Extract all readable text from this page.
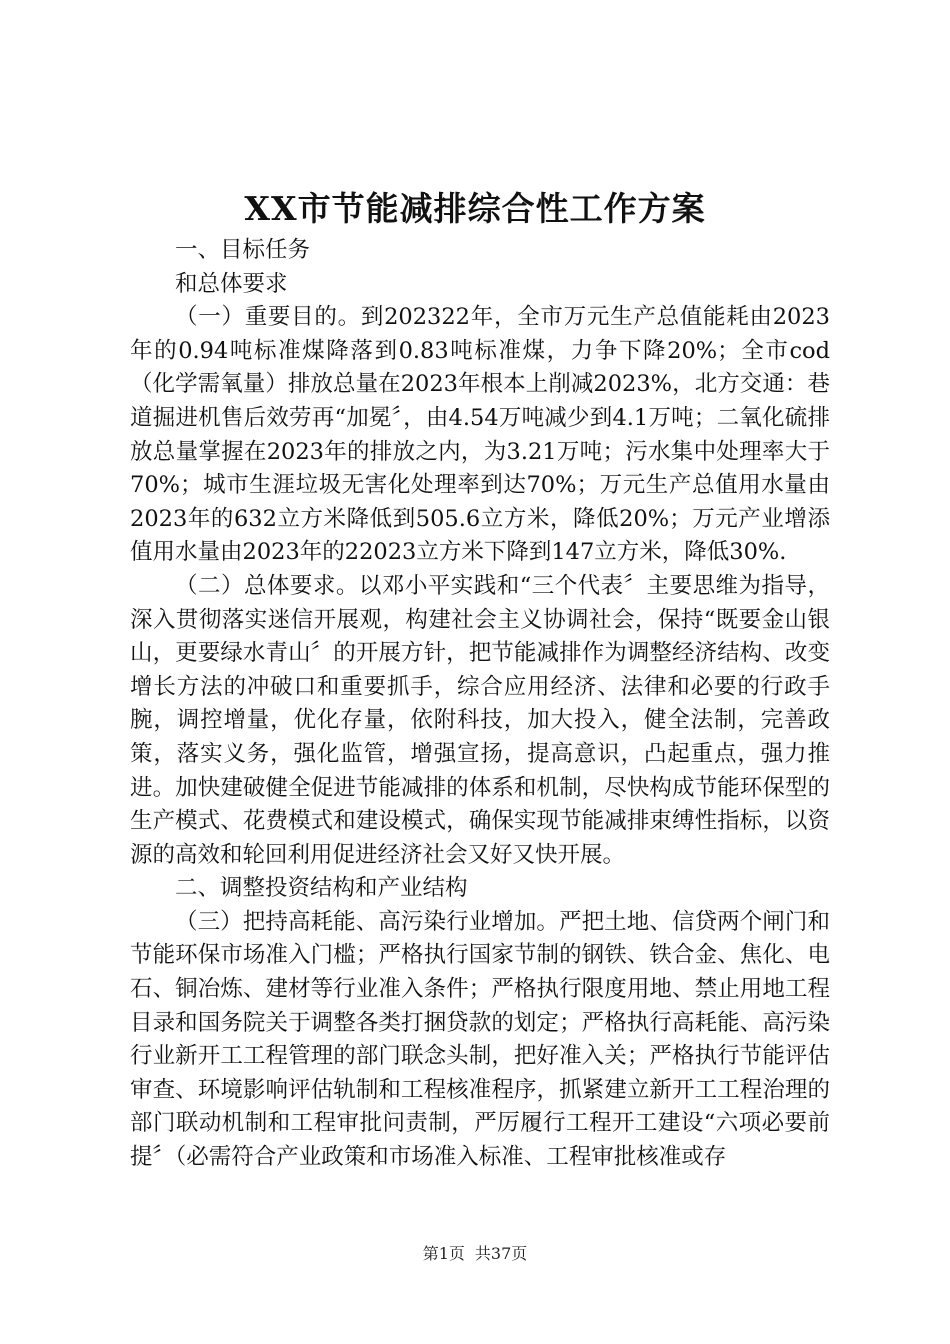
XX市节能减排综合性工作方案

一、目标任务

和总体要求

（一）重要目的。到202322年，全市万元生产总值能耗由2023年的0.94吨标准煤降落到0.83吨标准煤，力争下降20%；全市cod（化学需氧量）排放总量在2023年根本上削减2023%，北方交通：巷道掘进机售后效劳再“加冕〞，由4.54万吨减少到4.1万吨；二氧化硫排放总量掌握在2023年的排放之内，为3.21万吨；污水集中处理率大于70%；城市生涯垃圾无害化处理率到达70%；万元生产总值用水量由2023年的632立方米降低到505.6立方米，降低20%；万元产业增添值用水量由2023年的22023立方米下降到147立方米，降低30%.

（二）总体要求。以邓小平实践和“三个代表〞主要思维为指导，深入贯彻落实迷信开展观，构建社会主义协调社会，保持“既要金山银山，更要绿水青山〞的开展方针，把节能减排作为调整经济结构、改变增长方法的冲破口和重要抓手，综合应用经济、法律和必要的行政手腕，调控增量，优化存量，依附科技，加大投入，健全法制，完善政策，落实义务，强化监管，增强宣扬，提高意识，凸起重点，强力推进。加快建破健全促进节能减排的体系和机制，尽快构成节能环保型的生产模式、花费模式和建设模式，确保实现节能减排束缚性指标，以资源的高效和轮回利用促进经济社会又好又快开展。

二、调整投资结构和产业结构

（三）把持高耗能、高污染行业增加。严把土地、信贷两个闸门和节能环保市场准入门槛；严格执行国家节制的钢铁、铁合金、焦化、电石、铜冶炼、建材等行业准入条件；严格执行限度用地、禁止用地工程目录和国务院关于调整各类打捆贷款的划定；严格执行高耗能、高污染行业新开工工程管理的部门联念头制，把好准入关；严格执行节能评估审查、环境影响评估轨制和工程核准程序，抓紧建立新开工工程治理的部门联动机制和工程审批问责制，严厉履行工程开工建设“六项必要前提〞（必需符合产业政策和市场准入标准、工程审批核准或存

第1页 共37页
